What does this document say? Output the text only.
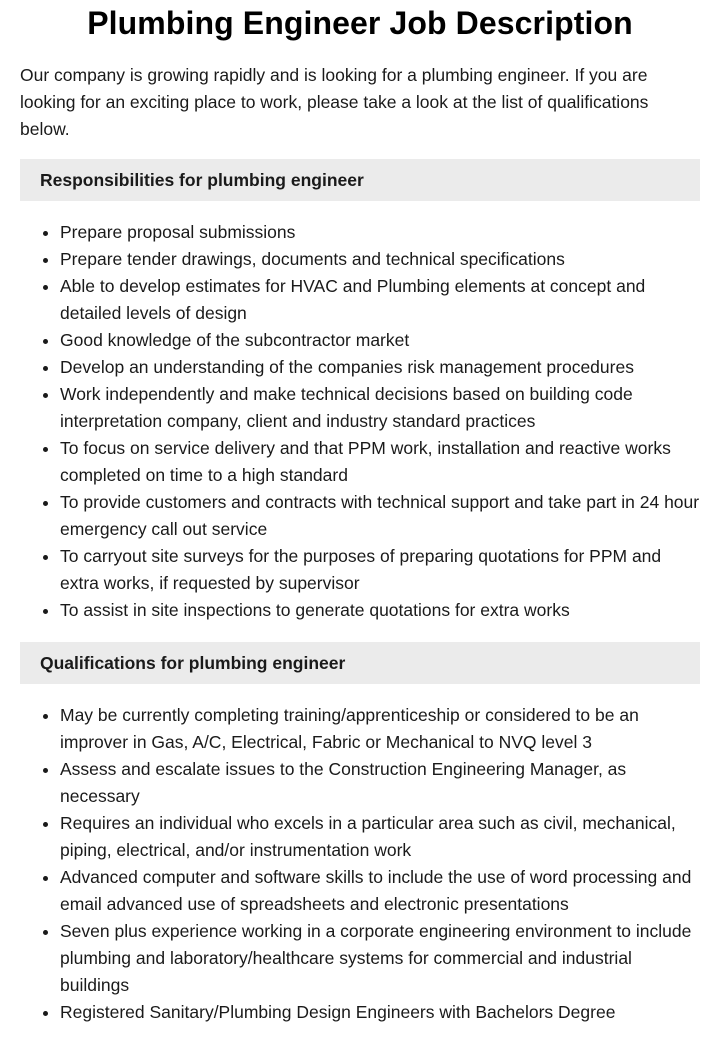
Plumbing Engineer Job Description

Our company is growing rapidly and is looking for a plumbing engineer. If you are looking for an exciting place to work, please take a look at the list of qualifications below.

Responsibilities for plumbing engineer
• Prepare proposal submissions
• Prepare tender drawings, documents and technical specifications
• Able to develop estimates for HVAC and Plumbing elements at concept and detailed levels of design
• Good knowledge of the subcontractor market
• Develop an understanding of the companies risk management procedures
• Work independently and make technical decisions based on building code interpretation company, client and industry standard practices
• To focus on service delivery and that PPM work, installation and reactive works completed on time to a high standard
• To provide customers and contracts with technical support and take part in 24 hour emergency call out service
• To carryout site surveys for the purposes of preparing quotations for PPM and extra works, if requested by supervisor
• To assist in site inspections to generate quotations for extra works
Qualifications for plumbing engineer
• May be currently completing training/apprenticeship or considered to be an improver in Gas, A/C, Electrical, Fabric or Mechanical to NVQ level 3
• Assess and escalate issues to the Construction Engineering Manager, as necessary
• Requires an individual who excels in a particular area such as civil, mechanical, piping, electrical, and/or instrumentation work
• Advanced computer and software skills to include the use of word processing and email advanced use of spreadsheets and electronic presentations
• Seven plus experience working in a corporate engineering environment to include plumbing and laboratory/healthcare systems for commercial and industrial buildings
• Registered Sanitary/Plumbing Design Engineers with Bachelors Degree
